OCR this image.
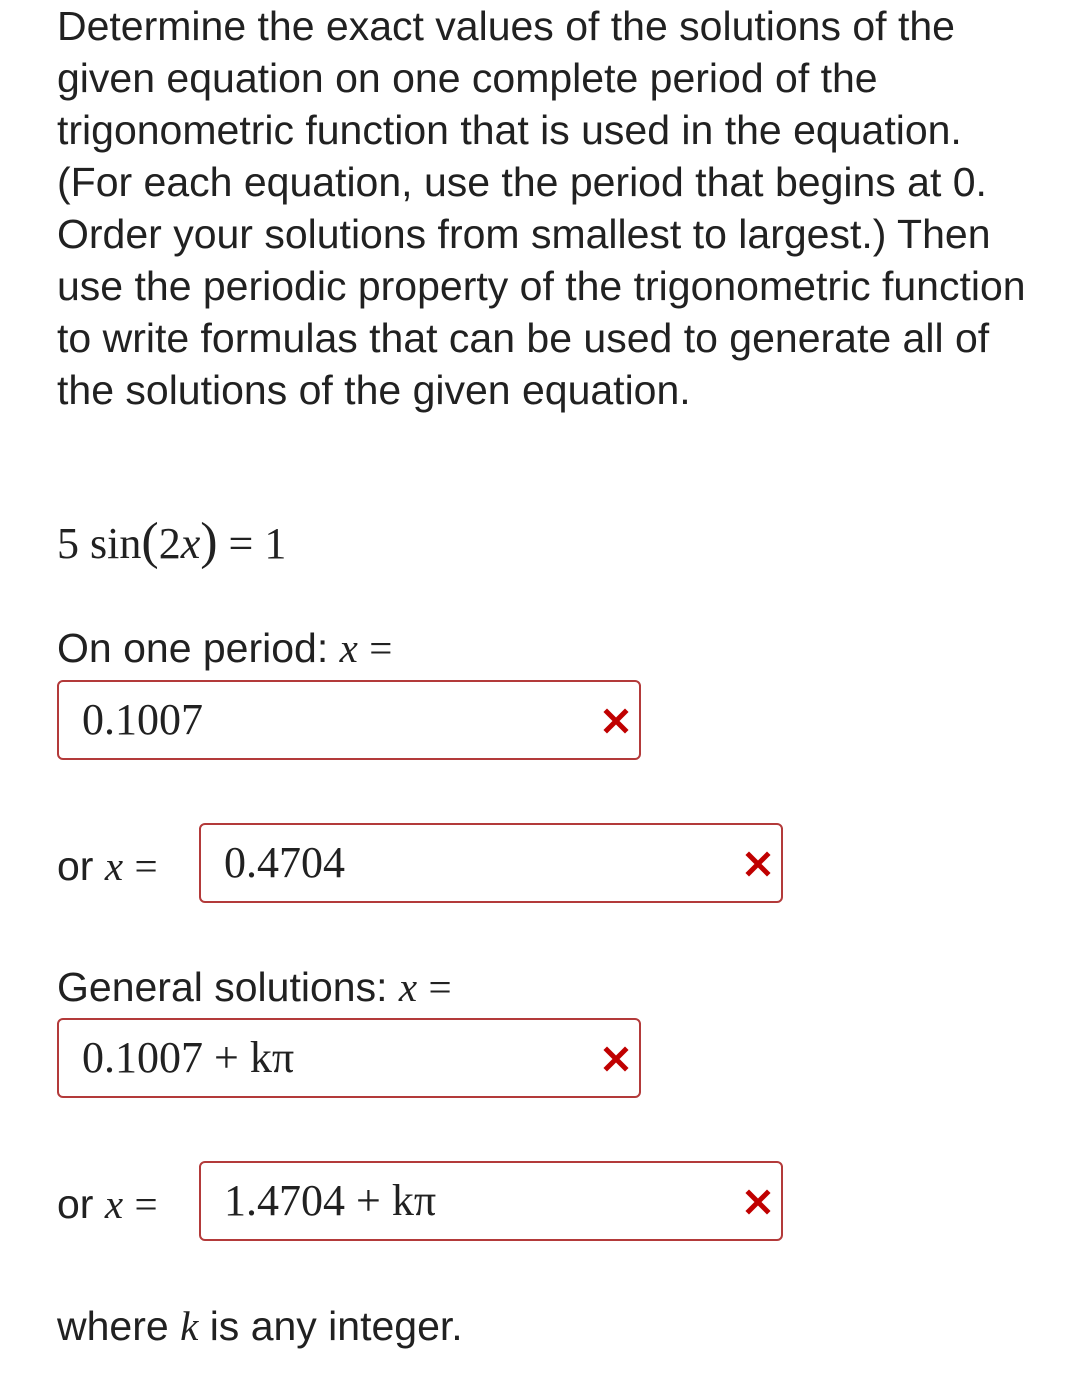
Determine the exact values of the solutions of the given equation on one complete period of the trigonometric function that is used in the equation. (For each equation, use the period that begins at 0. Order your solutions from smallest to largest.) Then use the periodic property of the trigonometric function to write formulas that can be used to generate all of the solutions of the given equation.

5 sin(2x) = 1
On one period: x =
0.1007
or x = 0.4704
General solutions: x =
0.1007 + kπ
or x = 1.4704 + kπ
where k is any integer.
